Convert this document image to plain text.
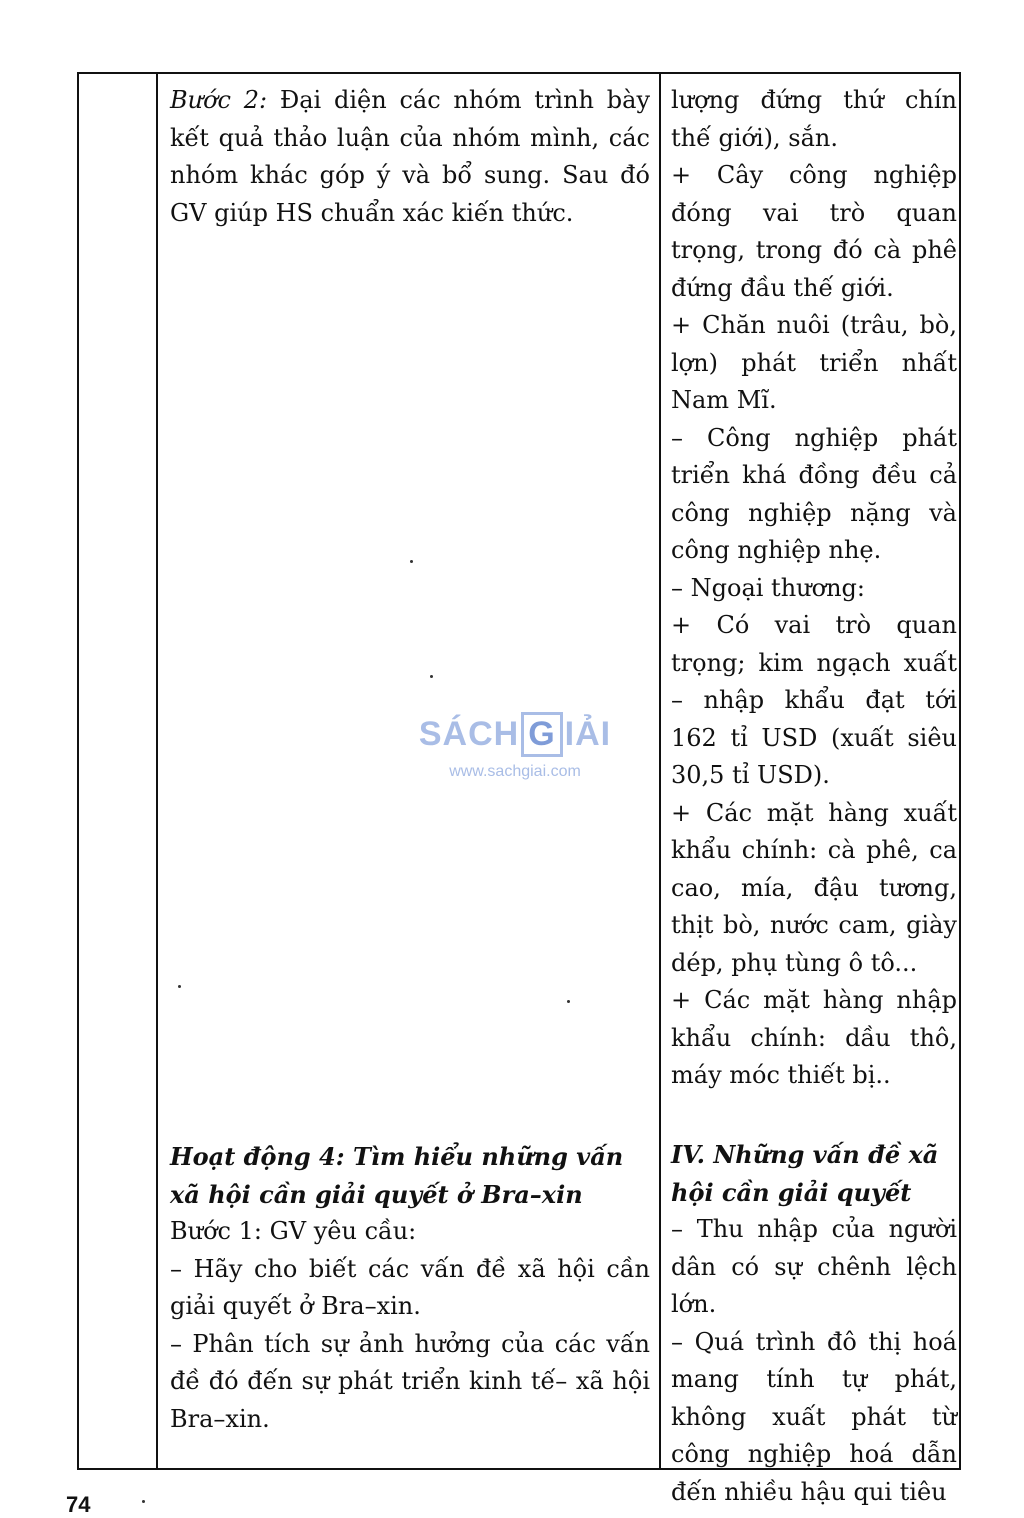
Bước 2: Đại diện các nhóm trình bày kết quả thảo luận của nhóm mình, các nhóm khác góp ý và bổ sung. Sau đó GV giúp HS chuẩn xác kiến thức.

Hoạt động 4: Tìm hiểu những vấn xã hội cần giải quyết ở Bra–xin

Bước 1: GV yêu cầu:

– Hãy cho biết các vấn đề xã hội cần giải quyết ở Bra–xin.

– Phân tích sự ảnh hưởng của các vấn đề đó đến sự phát triển kinh tế– xã hội Bra–xin.

lượng đứng thứ chín thế giới), sắn.

+ Cây công nghiệp đóng vai trò quan trọng, trong đó cà phê đứng đầu thế giới.

+ Chăn nuôi (trâu, bò, lợn) phát triển nhất Nam Mĩ.

– Công nghiệp phát triển khá đồng đều cả công nghiệp nặng và công nghiệp nhẹ.

– Ngoại thương:

+ Có vai trò quan trọng; kim ngạch xuất – nhập khẩu đạt tới 162 tỉ USD (xuất siêu 30,5 tỉ USD).

+ Các mặt hàng xuất khẩu chính: cà phê, ca cao, mía, đậu tương, thịt bò, nước cam, giày dép, phụ tùng ô tô...

+ Các mặt hàng nhập khẩu chính: dầu thô, máy móc thiết bị..

IV. Những vấn đề xã hội cần giải quyết

– Thu nhập của người dân có sự chênh lệch lớn.

– Quá trình đô thị hoá mang tính tự phát, không xuất phát từ công nghiệp hoá dẫn đến nhiều hậu qui tiêu

SÁCH G IẢI
www.sachgiai.com
74
